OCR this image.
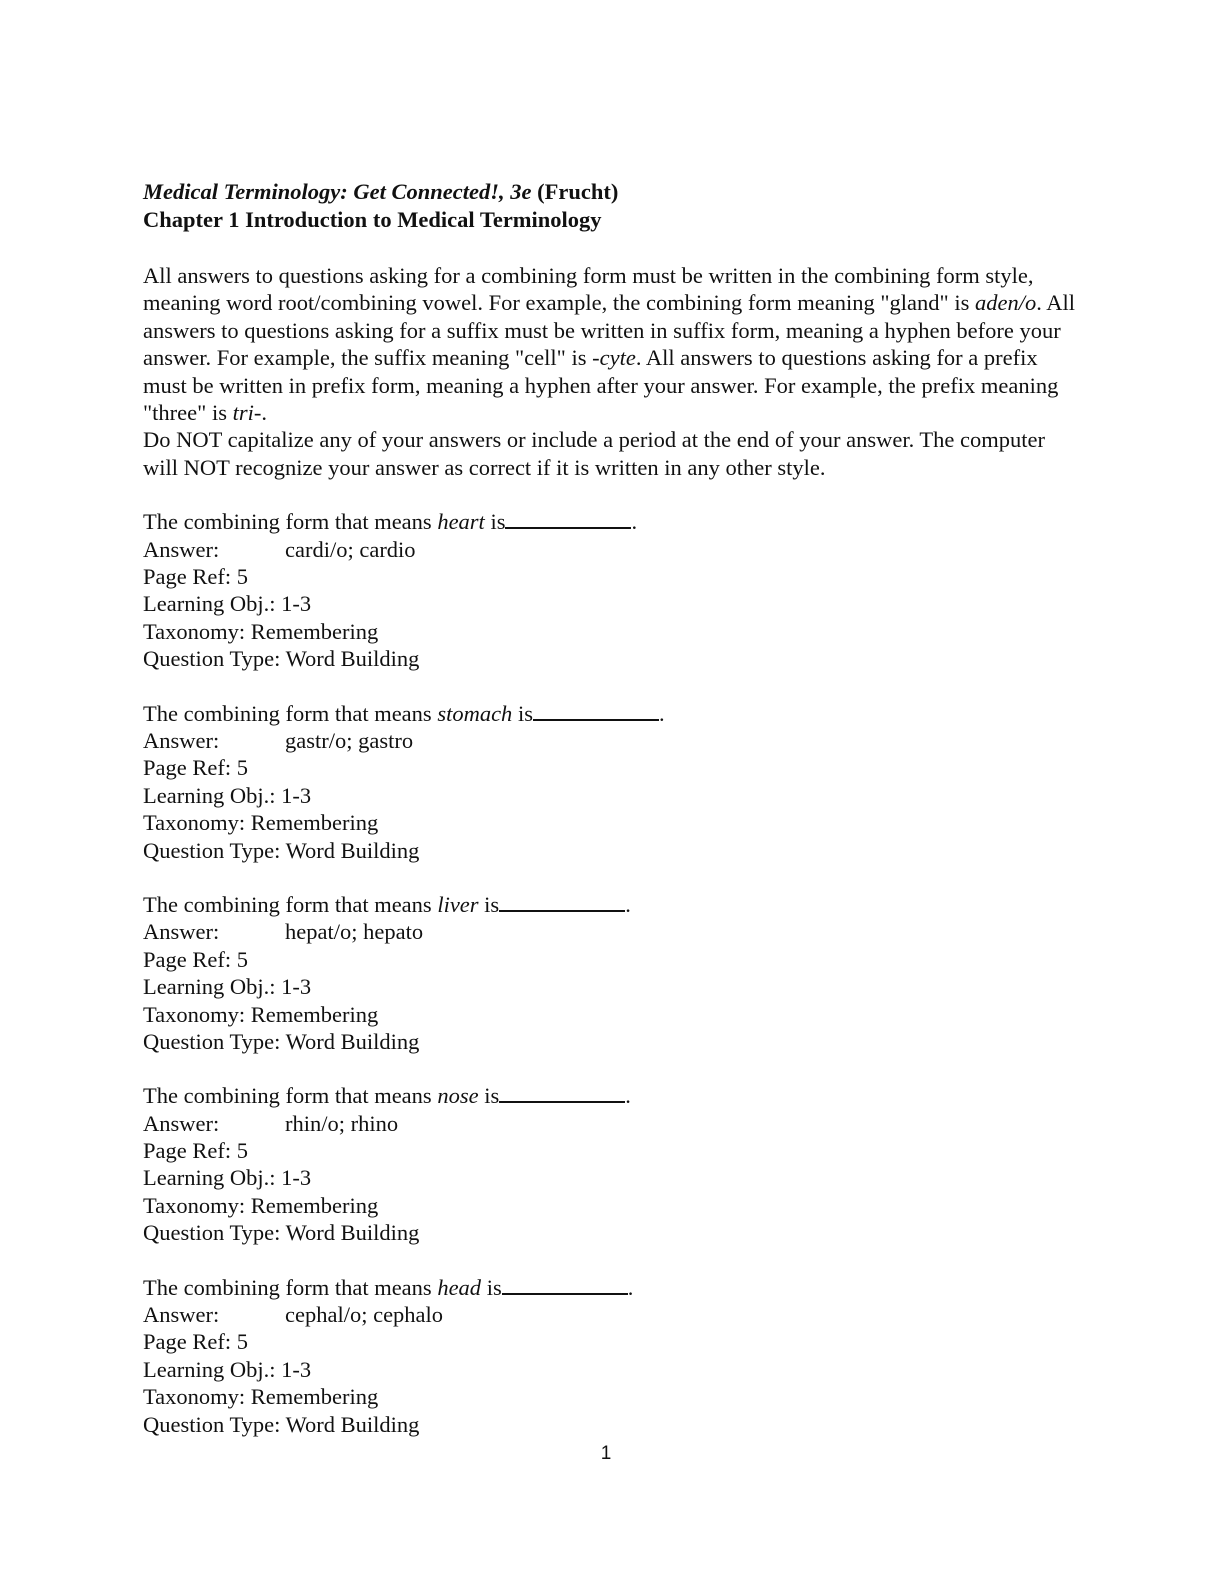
Medical Terminology: Get Connected!, 3e (Frucht)
Chapter 1 Introduction to Medical Terminology
All answers to questions asking for a combining form must be written in the combining form style, meaning word root/combining vowel. For example, the combining form meaning "gland" is aden/o. All answers to questions asking for a suffix must be written in suffix form, meaning a hyphen before your answer. For example, the suffix meaning "cell" is -cyte. All answers to questions asking for a prefix must be written in prefix form, meaning a hyphen after your answer. For example, the prefix meaning "three" is tri-.
Do NOT capitalize any of your answers or include a period at the end of your answer. The computer will NOT recognize your answer as correct if it is written in any other style.
The combining form that means heart is	.
Answer:	cardi/o; cardio
Page Ref: 5
Learning Obj.: 1-3
Taxonomy: Remembering
Question Type: Word Building
The combining form that means stomach is	.
Answer:	gastr/o; gastro
Page Ref: 5
Learning Obj.: 1-3
Taxonomy: Remembering
Question Type: Word Building
The combining form that means liver is	.
Answer:	hepat/o; hepato
Page Ref: 5
Learning Obj.: 1-3
Taxonomy: Remembering
Question Type: Word Building
The combining form that means nose is	.
Answer:	rhin/o; rhino
Page Ref: 5
Learning Obj.: 1-3
Taxonomy: Remembering
Question Type: Word Building
The combining form that means head is	.
Answer:	cephal/o; cephalo
Page Ref: 5
Learning Obj.: 1-3
Taxonomy: Remembering
Question Type: Word Building
1
